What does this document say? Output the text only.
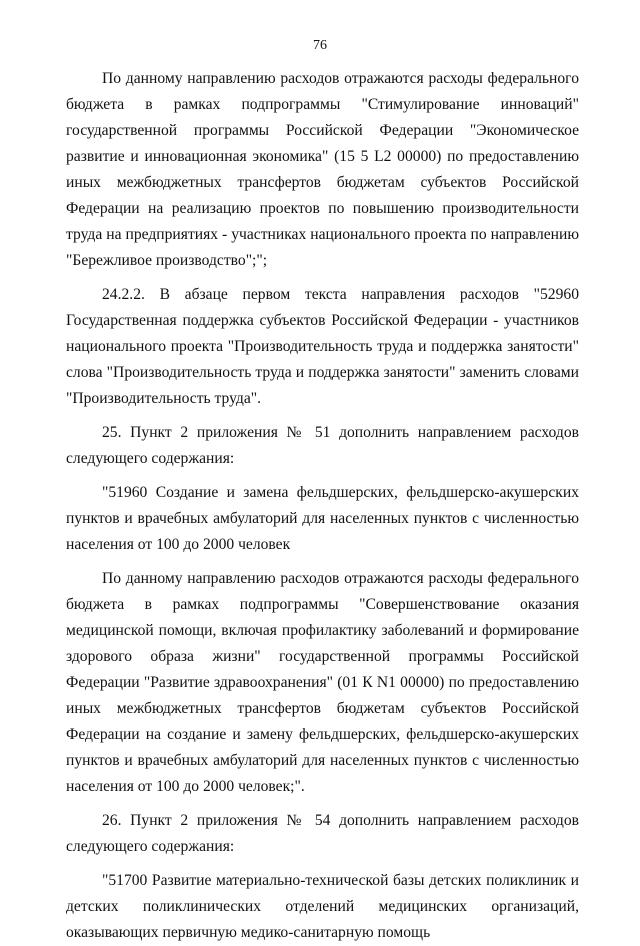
76

По данному направлению расходов отражаются расходы федерального бюджета в рамках подпрограммы "Стимулирование инноваций" государственной программы Российской Федерации "Экономическое развитие и инновационная экономика" (15 5 L2 00000) по предоставлению иных межбюджетных трансфертов бюджетам субъектов Российской Федерации на реализацию проектов по повышению производительности труда на предприятиях - участниках национального проекта по направлению "Бережливое производство";";

24.2.2. В абзаце первом текста направления расходов "52960 Государственная поддержка субъектов Российской Федерации - участников национального проекта "Производительность труда и поддержка занятости" слова "Производительность труда и поддержка занятости" заменить словами "Производительность труда".

25. Пункт 2 приложения № 51 дополнить направлением расходов следующего содержания:

"51960 Создание и замена фельдшерских, фельдшерско-акушерских пунктов и врачебных амбулаторий для населенных пунктов с численностью населения от 100 до 2000 человек

По данному направлению расходов отражаются расходы федерального бюджета в рамках подпрограммы "Совершенствование оказания медицинской помощи, включая профилактику заболеваний и формирование здорового образа жизни" государственной программы Российской Федерации "Развитие здравоохранения" (01 К N1 00000) по предоставлению иных межбюджетных трансфертов бюджетам субъектов Российской Федерации на создание и замену фельдшерских, фельдшерско-акушерских пунктов и врачебных амбулаторий для населенных пунктов с численностью населения от 100 до 2000 человек;".

26. Пункт 2 приложения № 54 дополнить направлением расходов следующего содержания:

"51700 Развитие материально-технической базы детских поликлиник и детских поликлинических отделений медицинских организаций, оказывающих первичную медико-санитарную помощь
